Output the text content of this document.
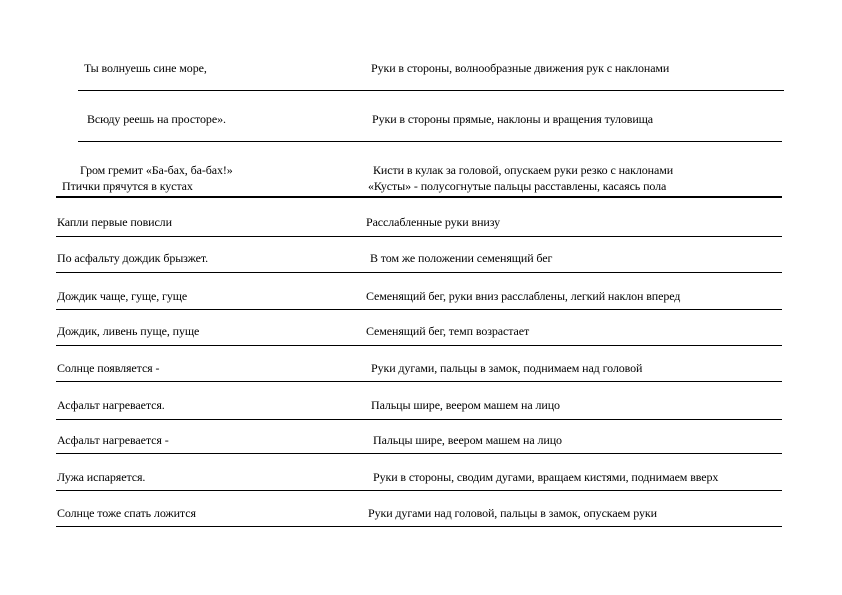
Ты волнуешь сине море,	Руки в стороны, волнообразные движения рук с наклонами
Всюду реешь на просторе».	Руки в стороны прямые, наклоны и вращения туловища
Гром гремит «Ба-бах, ба-бах!»	Кисти в кулак за головой, опускаем руки резко с наклонами
Птички прячутся в кустах	«Кусты» - полусогнутые пальцы расставлены, касаясь пола
Капли первые повисли	Расслабленные руки внизу
По асфальту дождик брызжет.	В том же положении семенящий бег
Дождик чаще, гуще, гуще	Семенящий бег, руки вниз расслаблены, легкий наклон вперед
Дождик, ливень пуще, пуще	Семенящий бег, темп возрастает
Солнце появляется -	Руки дугами, пальцы в замок, поднимаем над головой
Асфальт нагревается.	Пальцы шире, веером машем на лицо
Асфальт нагревается -	Пальцы шире, веером машем на лицо
Лужа испаряется.	Руки в стороны, сводим дугами, вращаем кистями, поднимаем вверх
Солнце тоже спать ложится	Руки дугами над головой, пальцы в замок, опускаем руки
